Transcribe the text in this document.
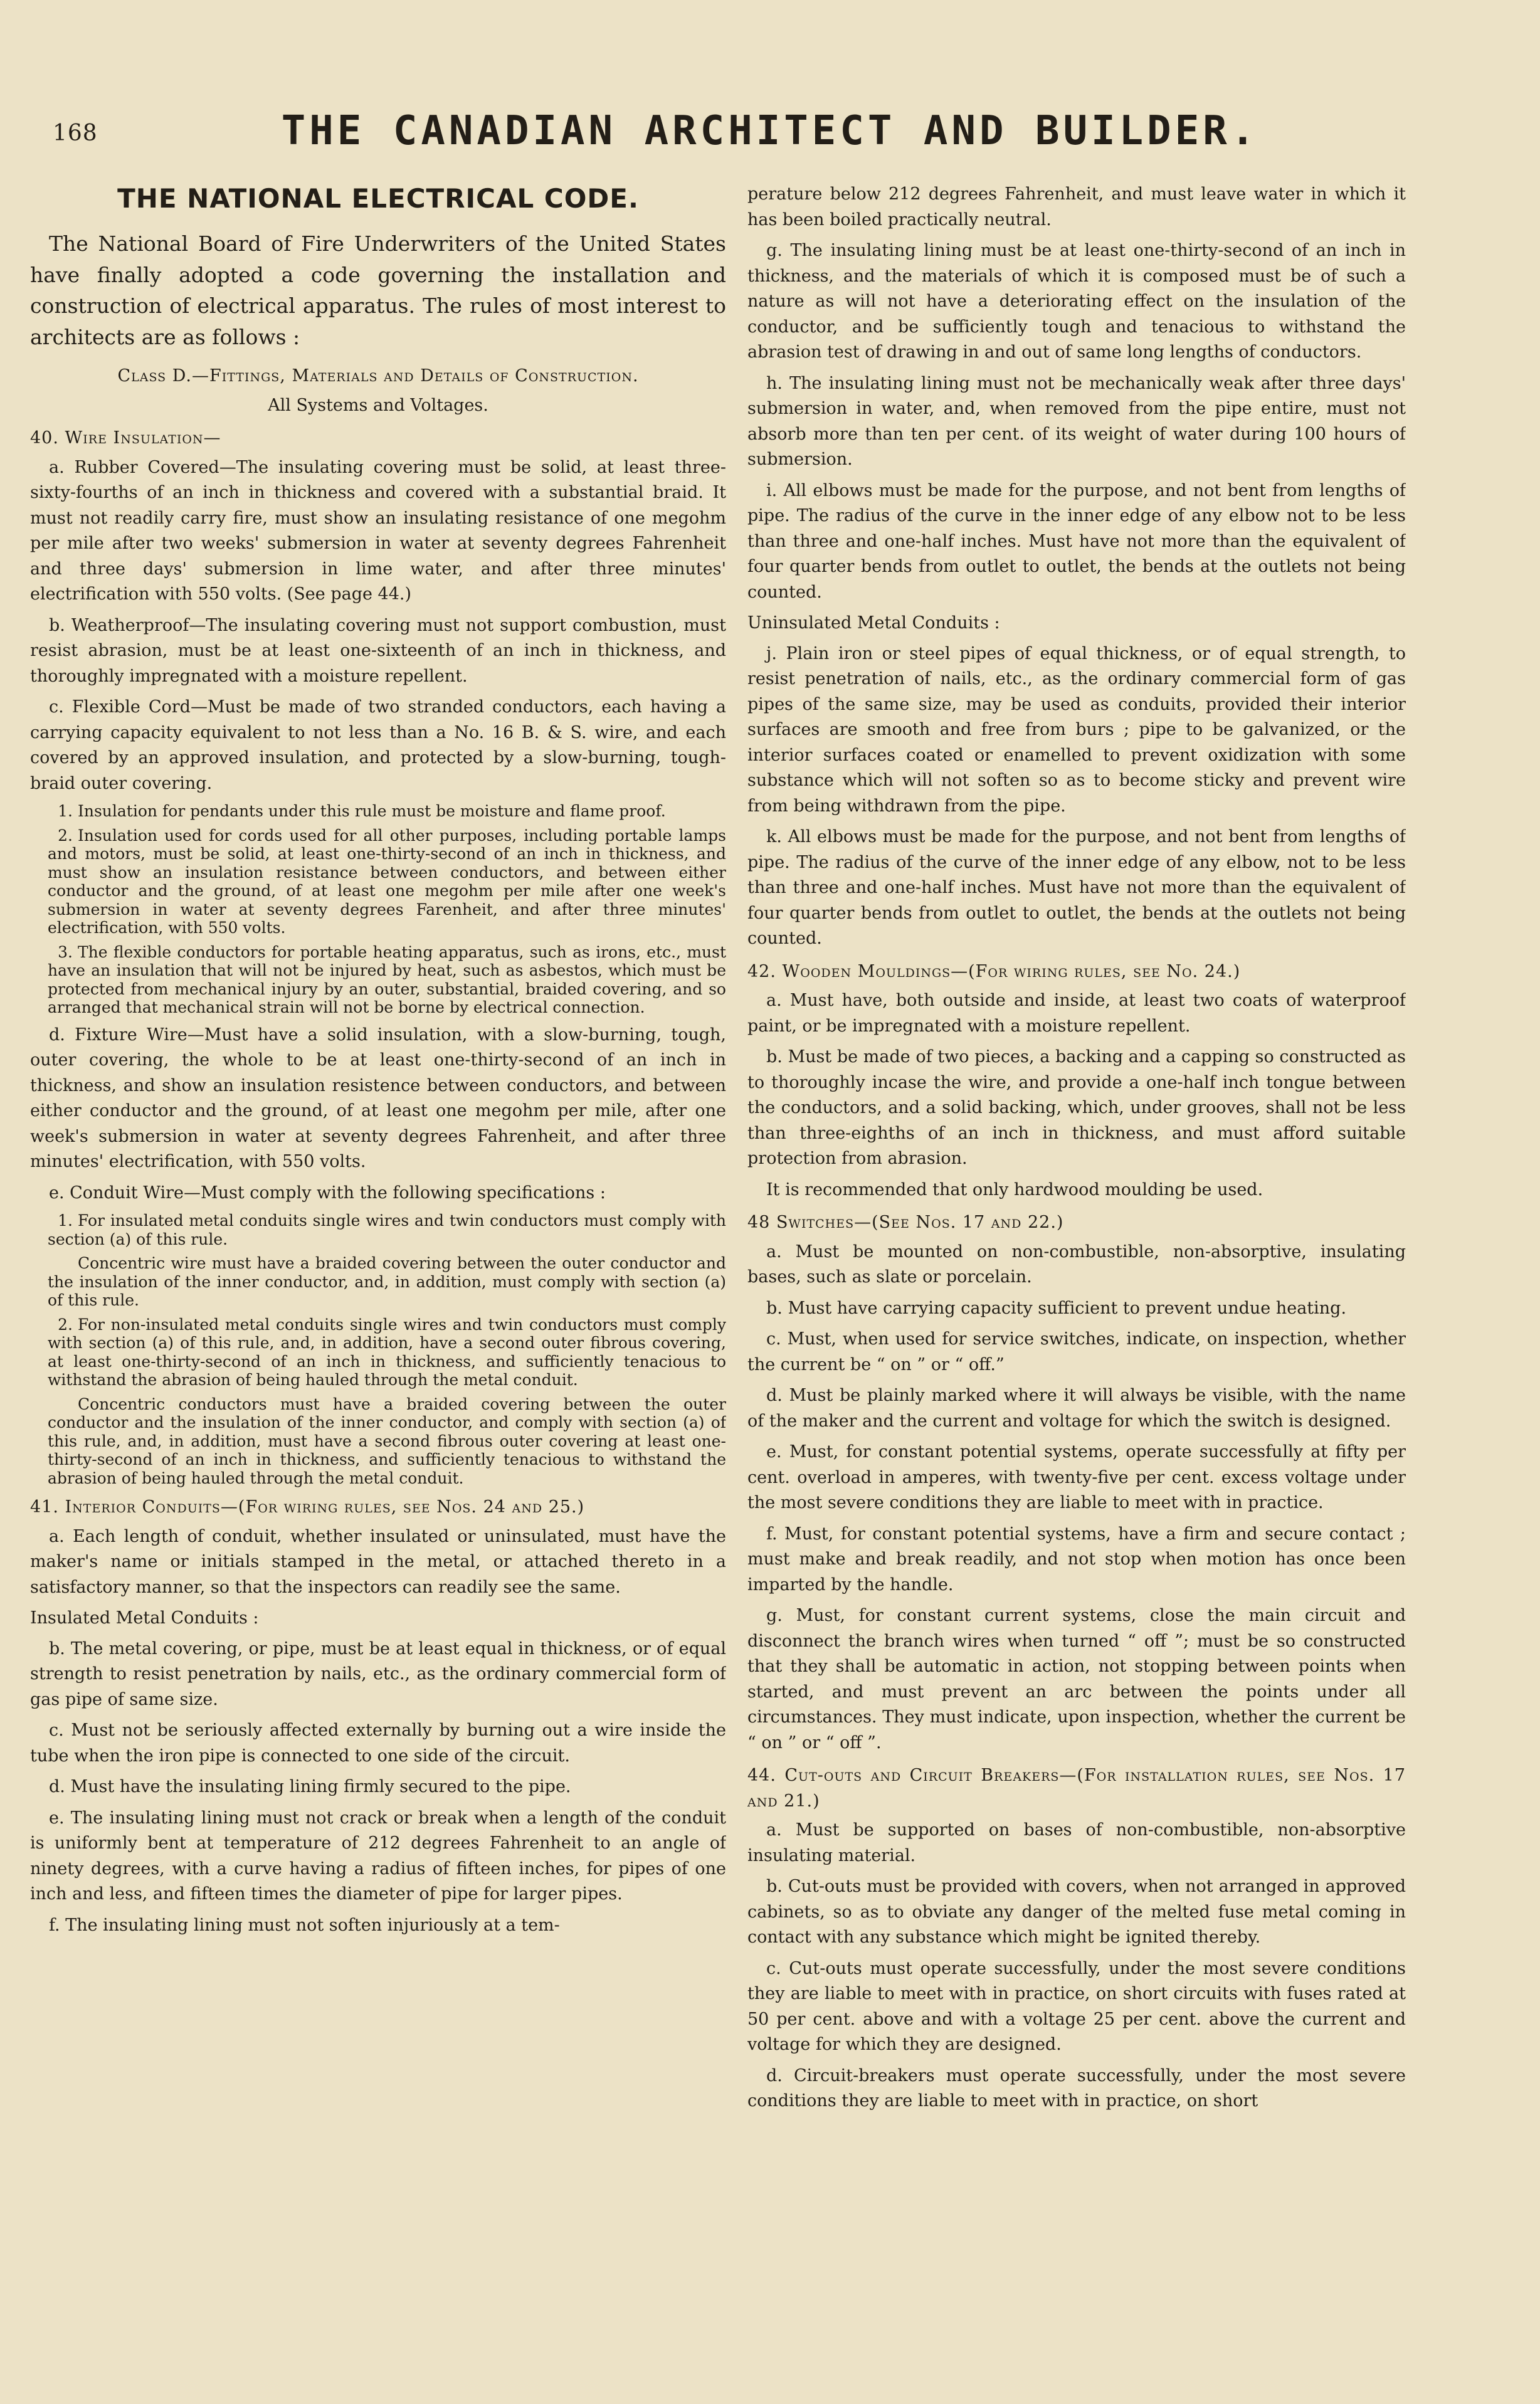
168	THE CANADIAN ARCHITECT AND BUILDER.
THE NATIONAL ELECTRICAL CODE.

The National Board of Fire Underwriters of the United States have finally adopted a code governing the installation and construction of electrical apparatus. The rules of most interest to architects are as follows :

Class D.—Fittings, Materials and Details of Construction.

All Systems and Voltages.

40. Wire Insulation—

a. Rubber Covered—The insulating covering must be solid, at least three-sixty-fourths of an inch in thickness and covered with a substantial braid. It must not readily carry fire, must show an insulating resistance of one megohm per mile after two weeks' submersion in water at seventy degrees Fahrenheit and three days' submersion in lime water, and after three minutes' electrification with 550 volts. (See page 44.)

b. Weatherproof—The insulating covering must not support combustion, must resist abrasion, must be at least one-sixteenth of an inch in thickness, and thoroughly impregnated with a moisture repellent.

c. Flexible Cord—Must be made of two stranded conductors, each having a carrying capacity equivalent to not less than a No. 16 B. & S. wire, and each covered by an approved insulation, and protected by a slow-burning, tough-braid outer covering.

1. Insulation for pendants under this rule must be moisture and flame proof.

2. Insulation used for cords used for all other purposes, including portable lamps and motors, must be solid, at least one-thirty-second of an inch in thickness, and must show an insulation resistance between conductors, and between either conductor and the ground, of at least one megohm per mile after one week's submersion in water at seventy degrees Farenheit, and after three minutes' electrification, with 550 volts.

3. The flexible conductors for portable heating apparatus, such as irons, etc., must have an insulation that will not be injured by heat, such as asbestos, which must be protected from mechanical injury by an outer, substantial, braided covering, and so arranged that mechanical strain will not be borne by electrical connection.

d. Fixture Wire—Must have a solid insulation, with a slow-burning, tough, outer covering, the whole to be at least one-thirty-second of an inch in thickness, and show an insulation resistence between conductors, and between either conductor and the ground, of at least one megohm per mile, after one week's submersion in water at seventy degrees Fahrenheit, and after three minutes' electrification, with 550 volts.

e. Conduit Wire—Must comply with the following specifications :

1. For insulated metal conduits single wires and twin conductors must comply with section (a) of this rule.

Concentric wire must have a braided covering between the outer conductor and the insulation of the inner conductor, and, in addition, must comply with section (a) of this rule.

2. For non-insulated metal conduits single wires and twin conductors must comply with section (a) of this rule, and, in addition, have a second outer fibrous covering, at least one-thirty-second of an inch in thickness, and sufficiently tenacious to withstand the abrasion of being hauled through the metal conduit.

Concentric conductors must have a braided covering between the outer conductor and the insulation of the inner conductor, and comply with section (a) of this rule, and, in addition, must have a second fibrous outer covering at least one-thirty-second of an inch in thickness, and sufficiently tenacious to withstand the abrasion of being hauled through the metal conduit.

41. Interior Conduits—(For wiring rules, see Nos. 24 and 25.)

a. Each length of conduit, whether insulated or uninsulated, must have the maker's name or initials stamped in the metal, or attached thereto in a satisfactory manner, so that the inspectors can readily see the same.

Insulated Metal Conduits :

b. The metal covering, or pipe, must be at least equal in thickness, or of equal strength to resist penetration by nails, etc., as the ordinary commercial form of gas pipe of same size.

c. Must not be seriously affected externally by burning out a wire inside the tube when the iron pipe is connected to one side of the circuit.

d. Must have the insulating lining firmly secured to the pipe.

e. The insulating lining must not crack or break when a length of the conduit is uniformly bent at temperature of 212 degrees Fahrenheit to an angle of ninety degrees, with a curve having a radius of fifteen inches, for pipes of one inch and less, and fifteen times the diameter of pipe for larger pipes.

f. The insulating lining must not soften injuriously at a tem-

perature below 212 degrees Fahrenheit, and must leave water in which it has been boiled practically neutral.

g. The insulating lining must be at least one-thirty-second of an inch in thickness, and the materials of which it is composed must be of such a nature as will not have a deteriorating effect on the insulation of the conductor, and be sufficiently tough and tenacious to withstand the abrasion test of drawing in and out of same long lengths of conductors.

h. The insulating lining must not be mechanically weak after three days' submersion in water, and, when removed from the pipe entire, must not absorb more than ten per cent. of its weight of water during 100 hours of submersion.

i. All elbows must be made for the purpose, and not bent from lengths of pipe. The radius of the curve in the inner edge of any elbow not to be less than three and one-half inches. Must have not more than the equivalent of four quarter bends from outlet to outlet, the bends at the outlets not being counted.

Uninsulated Metal Conduits :

j. Plain iron or steel pipes of equal thickness, or of equal strength, to resist penetration of nails, etc., as the ordinary commercial form of gas pipes of the same size, may be used as conduits, provided their interior surfaces are smooth and free from burs ; pipe to be galvanized, or the interior surfaces coated or enamelled to prevent oxidization with some substance which will not soften so as to become sticky and prevent wire from being withdrawn from the pipe.

k. All elbows must be made for the purpose, and not bent from lengths of pipe. The radius of the curve of the inner edge of any elbow, not to be less than three and one-half inches. Must have not more than the equivalent of four quarter bends from outlet to outlet, the bends at the outlets not being counted.

42. Wooden Mouldings—(For wiring rules, see No. 24.)

a. Must have, both outside and inside, at least two coats of waterproof paint, or be impregnated with a moisture repellent.

b. Must be made of two pieces, a backing and a capping so constructed as to thoroughly incase the wire, and provide a one-half inch tongue between the conductors, and a solid backing, which, under grooves, shall not be less than three-eighths of an inch in thickness, and must afford suitable protection from abrasion.

It is recommended that only hardwood moulding be used.

48 Switches—(See Nos. 17 and 22.)

a. Must be mounted on non-combustible, non-absorptive, insulating bases, such as slate or porcelain.

b. Must have carrying capacity sufficient to prevent undue heating.

c. Must, when used for service switches, indicate, on inspection, whether the current be “ on ” or “ off.”

d. Must be plainly marked where it will always be visible, with the name of the maker and the current and voltage for which the switch is designed.

e. Must, for constant potential systems, operate successfully at fifty per cent. overload in amperes, with twenty-five per cent. excess voltage under the most severe conditions they are liable to meet with in practice.

f. Must, for constant potential systems, have a firm and secure contact ; must make and break readily, and not stop when motion has once been imparted by the handle.

g. Must, for constant current systems, close the main circuit and disconnect the branch wires when turned “ off ”; must be so constructed that they shall be automatic in action, not stopping between points when started, and must prevent an arc between the points under all circumstances. They must indicate, upon inspection, whether the current be “ on ” or “ off ”.

44. Cut-outs and Circuit Breakers—(For installation rules, see Nos. 17 and 21.)

a. Must be supported on bases of non-combustible, non-absorptive insulating material.

b. Cut-outs must be provided with covers, when not arranged in approved cabinets, so as to obviate any danger of the melted fuse metal coming in contact with any substance which might be ignited thereby.

c. Cut-outs must operate successfully, under the most severe conditions they are liable to meet with in practice, on short circuits with fuses rated at 50 per cent. above and with a voltage 25 per cent. above the current and voltage for which they are designed.

d. Circuit-breakers must operate successfully, under the most severe conditions they are liable to meet with in practice, on short
